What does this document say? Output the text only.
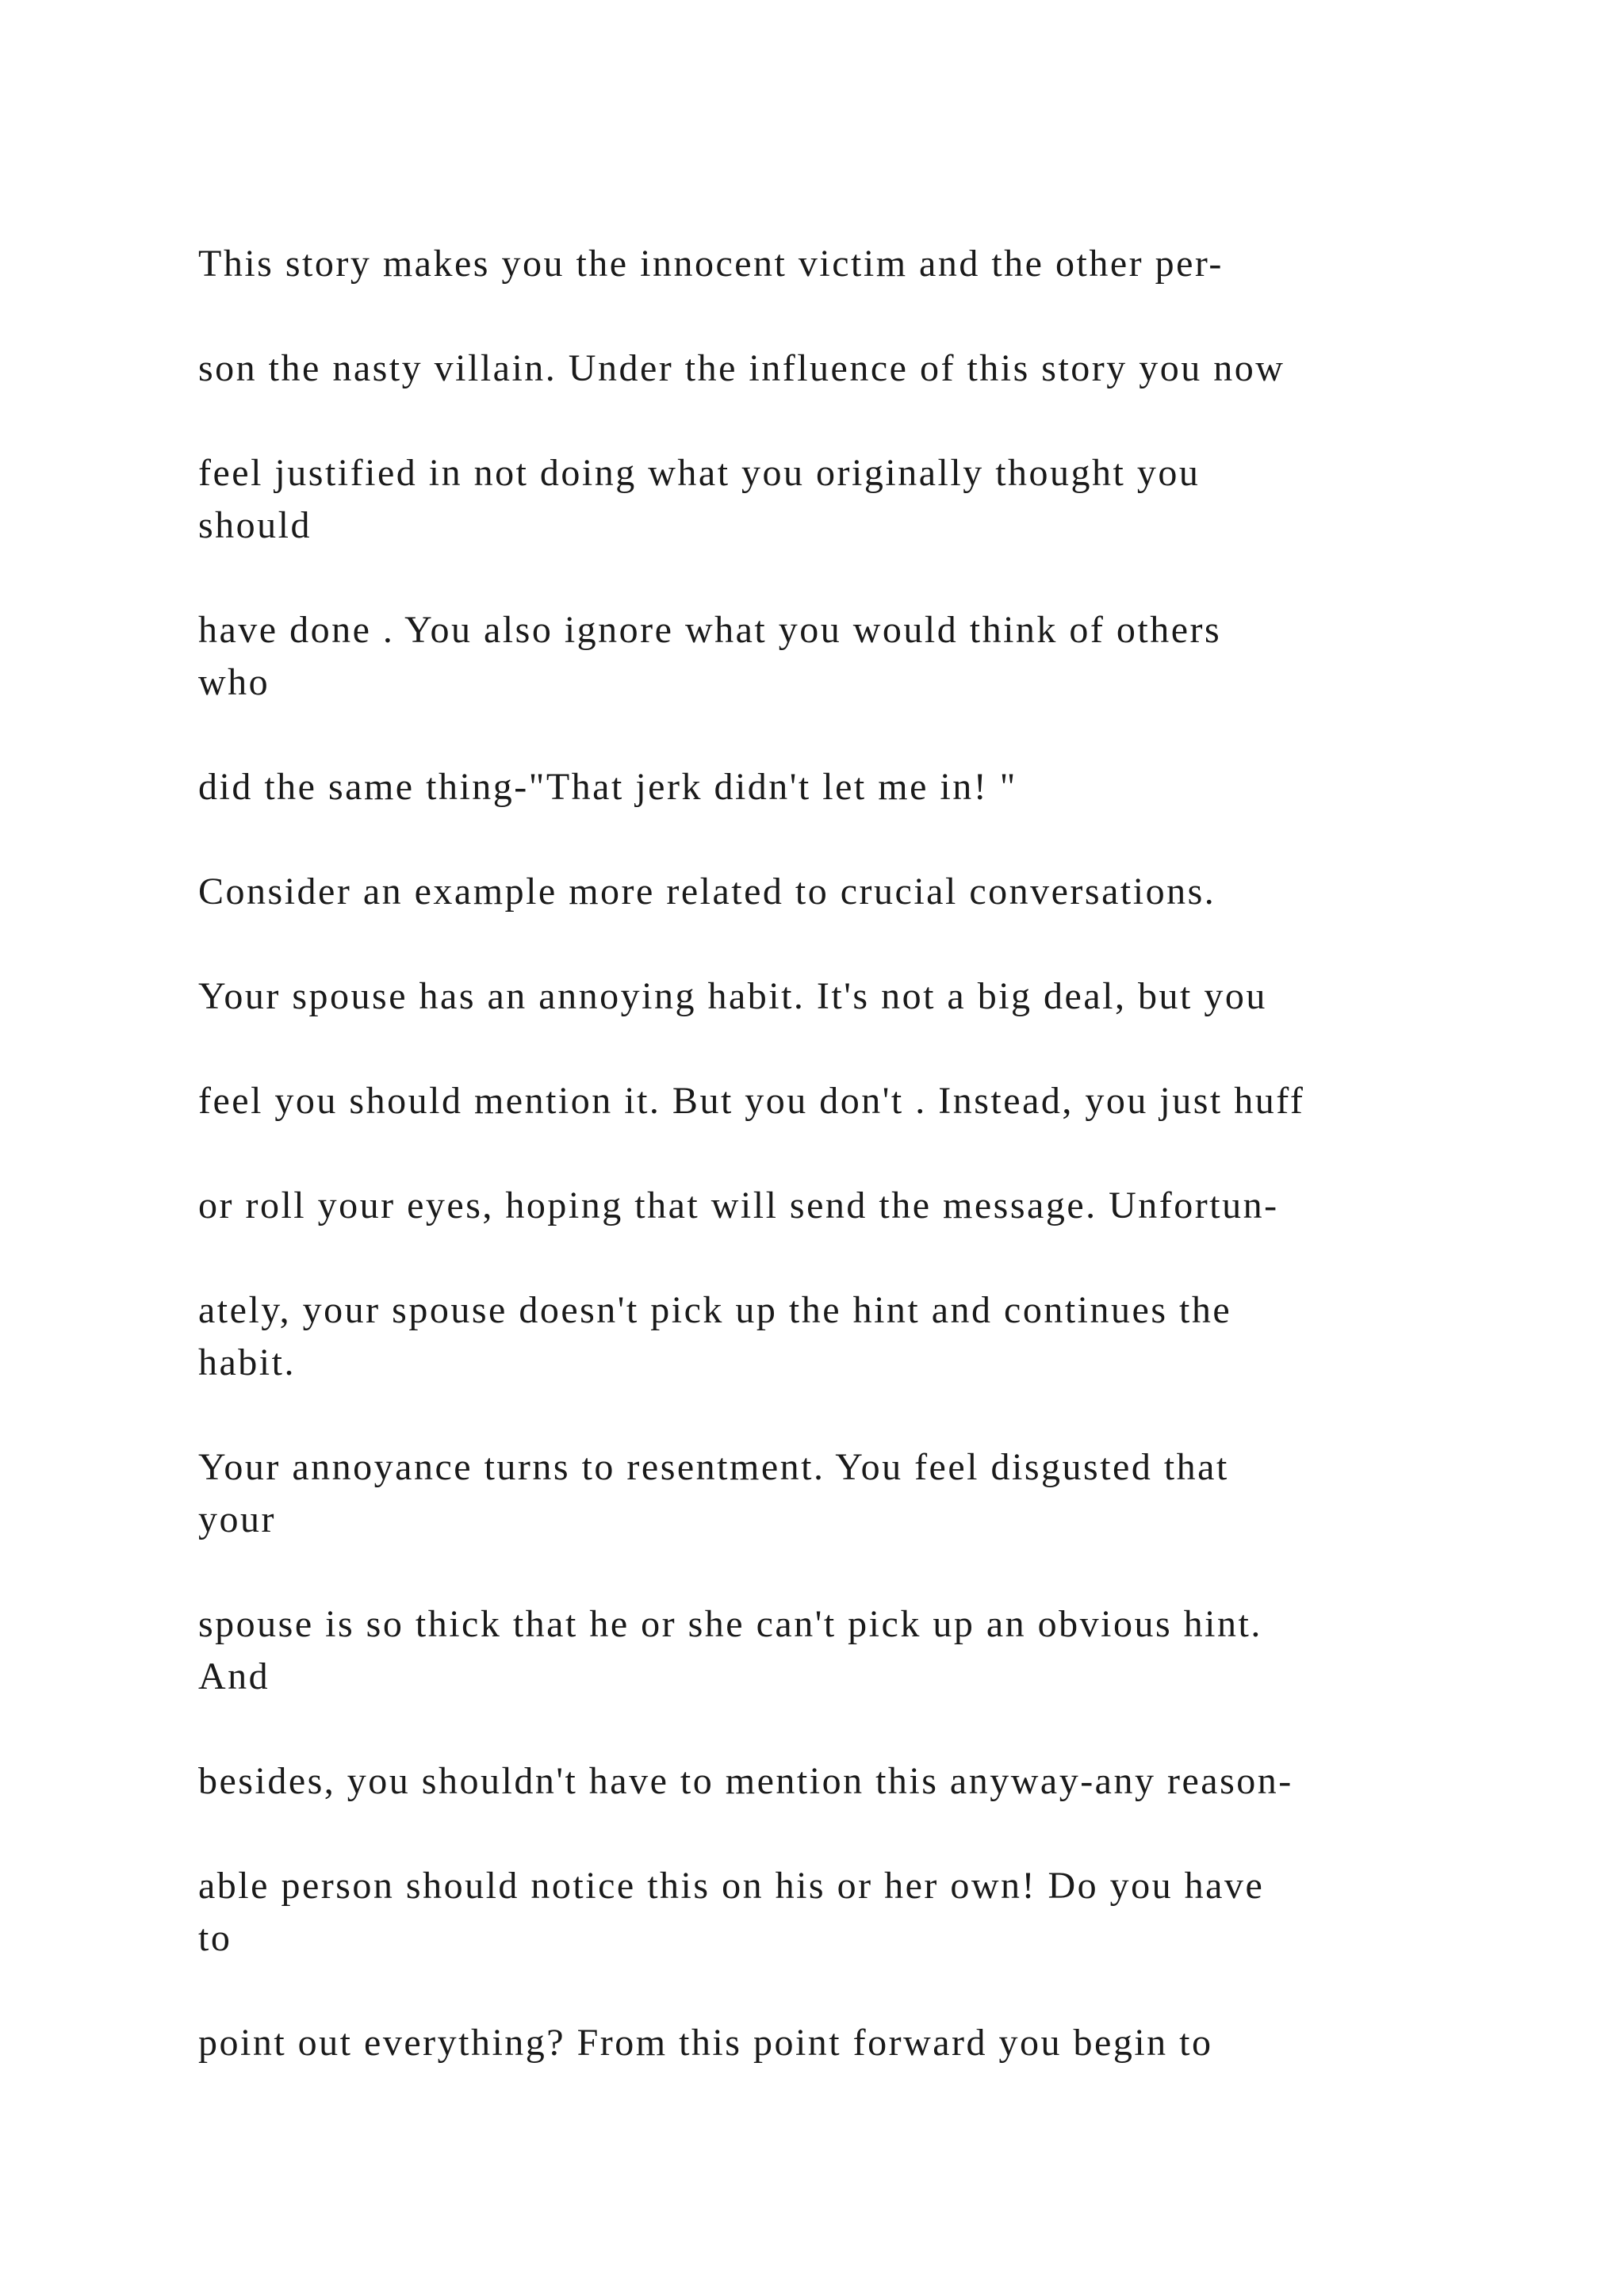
This story makes you the innocent victim and the other per-

son the nasty villain. Under the influence of this story you now

feel justified in not doing what you originally thought you
should

have done . You also ignore what you would think of others
who

did the same thing-"That jerk didn't let me in! "

Consider an example more related to crucial conversations.

Your spouse has an annoying habit. It's not a big deal, but you

feel you should mention it. But you don't . Instead, you just huff

or roll your eyes, hoping that will send the message. Unfortun-

ately, your spouse doesn't pick up the hint and continues the
habit.

Your annoyance turns to resentment. You feel disgusted that
your

spouse is so thick that he or she can't pick up an obvious hint.
And

besides, you shouldn't have to mention this anyway-any reason-

able person should notice this on his or her own! Do you have
to

point out everything? From this point forward you begin to
